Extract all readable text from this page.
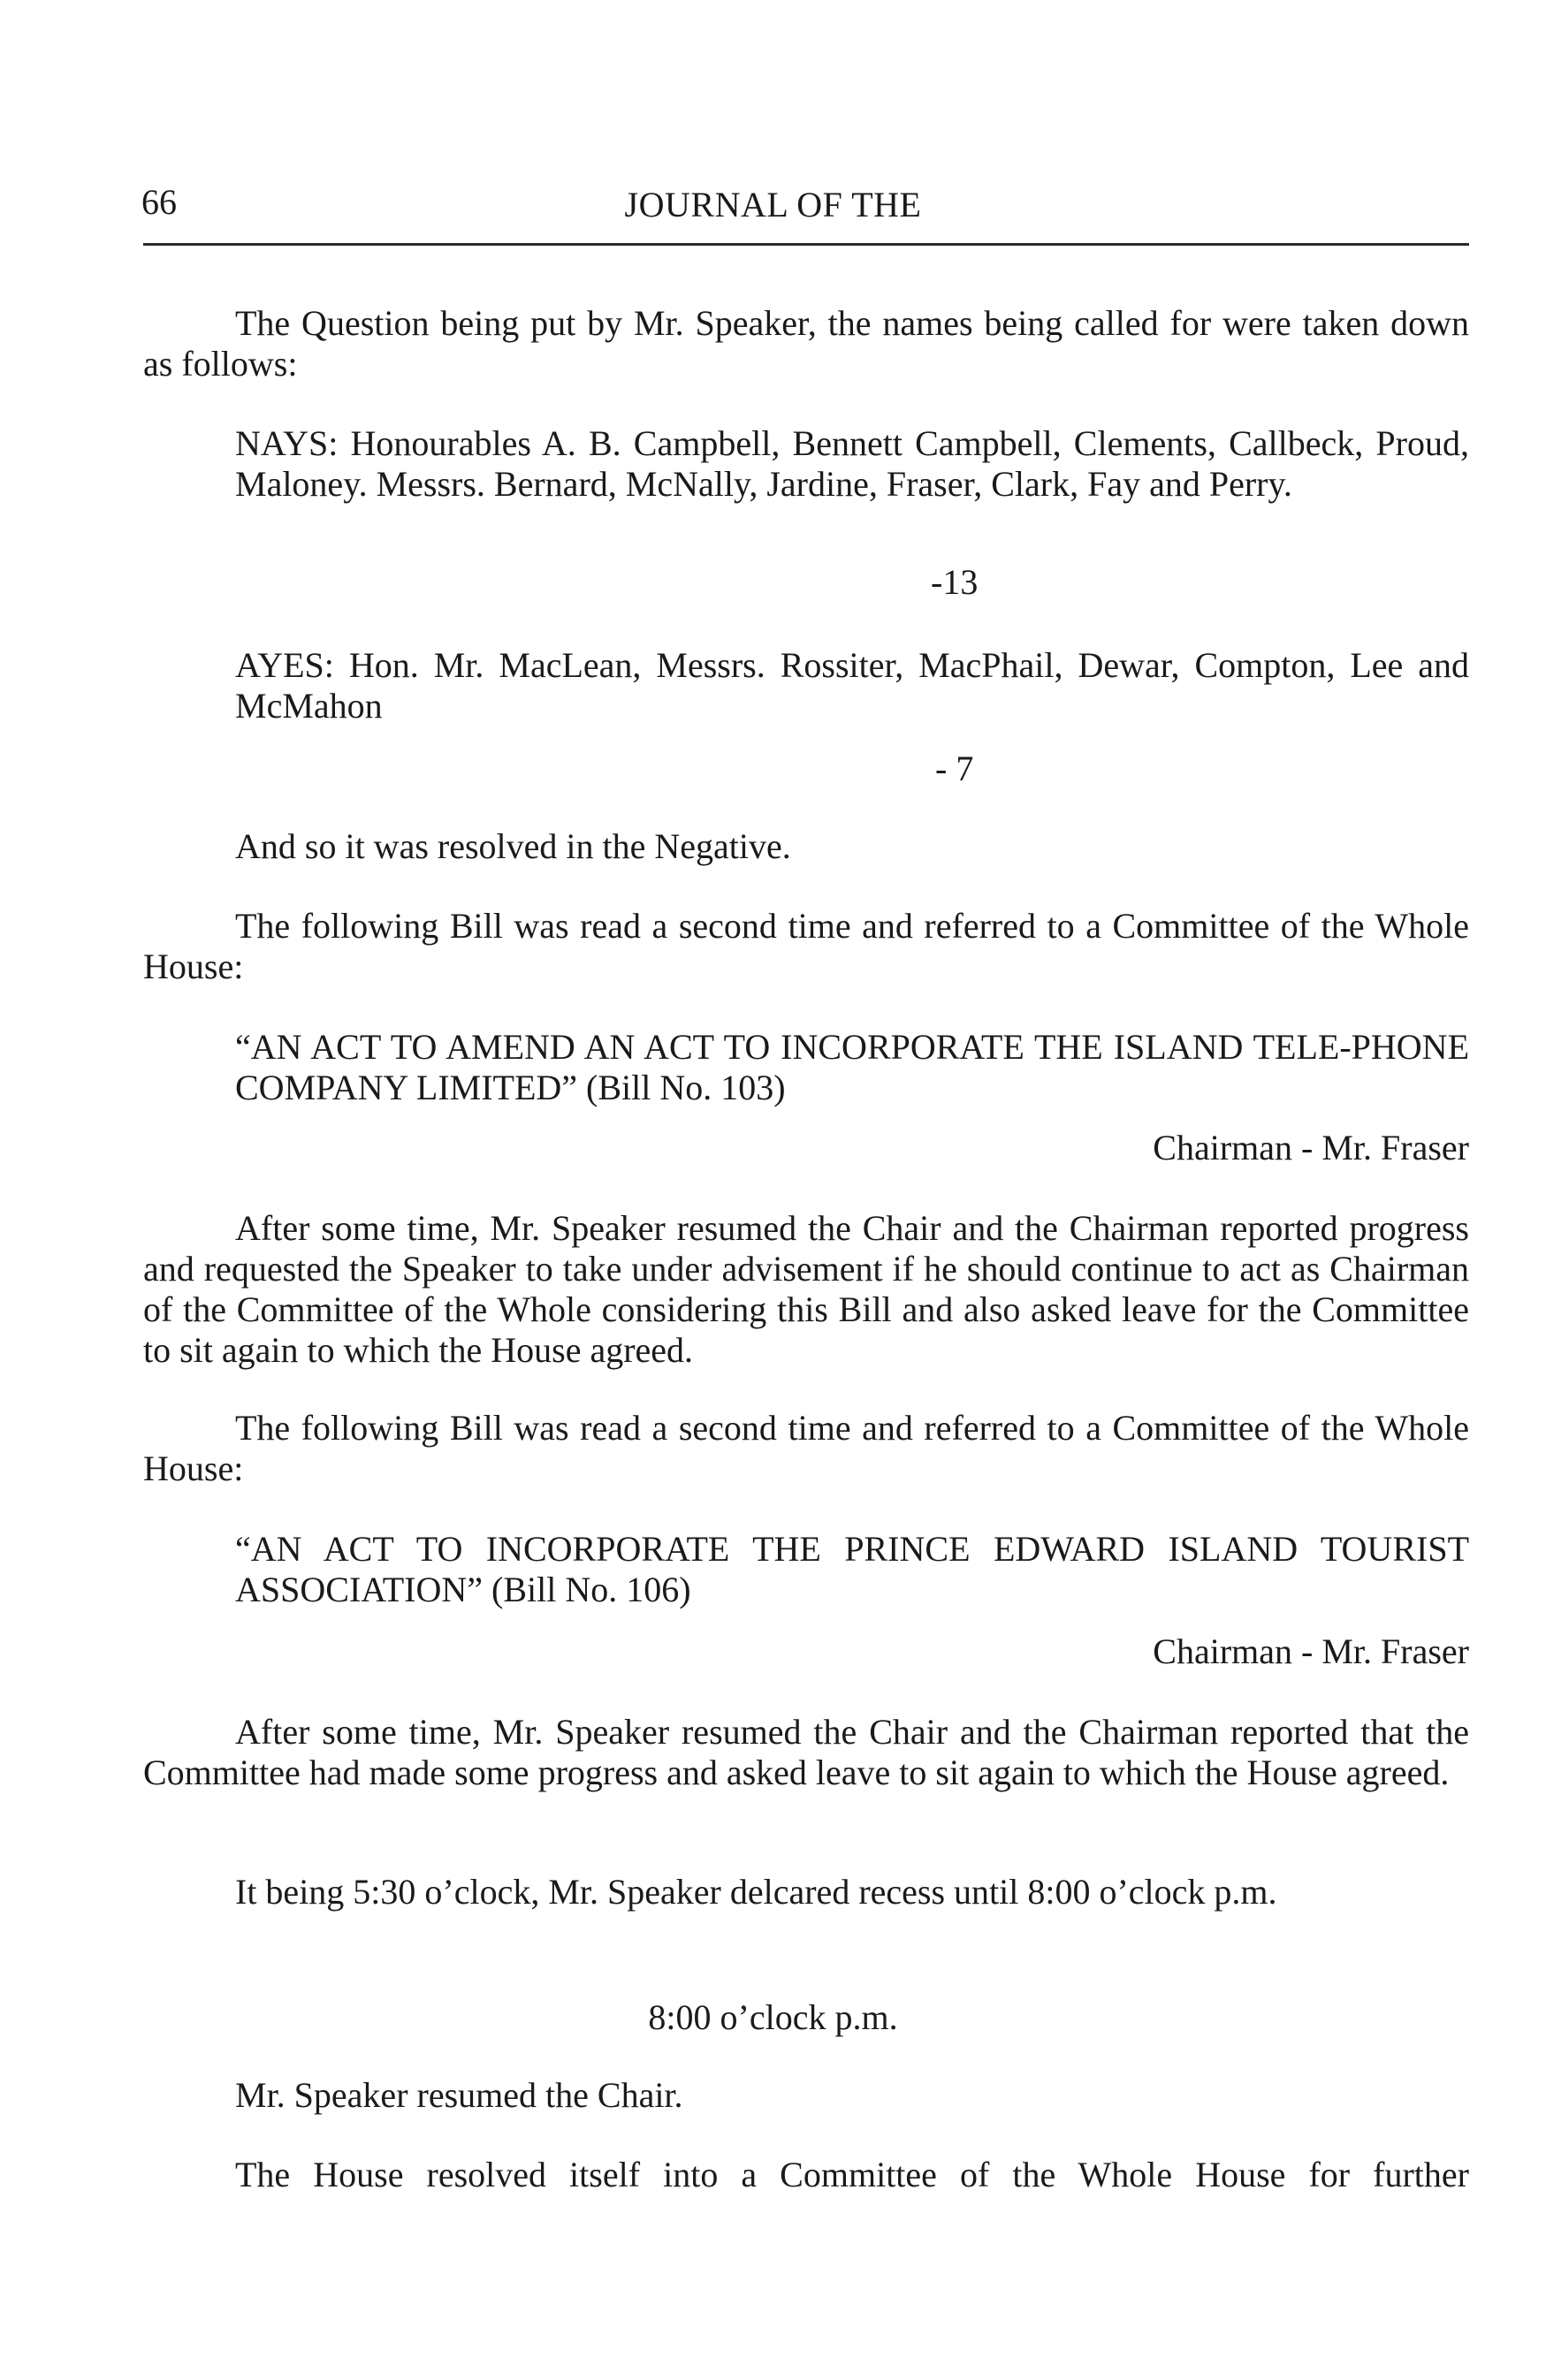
66	JOURNAL OF THE

The Question being put by Mr. Speaker, the names being called for were taken down as follows:

NAYS: Honourables A. B. Campbell, Bennett Campbell, Clements, Callbeck, Proud, Maloney. Messrs. Bernard, McNally, Jardine, Fraser, Clark, Fay and Perry.

-13

AYES: Hon. Mr. MacLean, Messrs. Rossiter, MacPhail, Dewar, Compton, Lee and McMahon

- 7

And so it was resolved in the Negative.

The following Bill was read a second time and referred to a Committee of the Whole House:

“AN ACT TO AMEND AN ACT TO INCORPORATE THE ISLAND TELE-PHONE COMPANY LIMITED” (Bill No. 103)

Chairman - Mr. Fraser

After some time, Mr. Speaker resumed the Chair and the Chairman reported progress and requested the Speaker to take under advisement if he should continue to act as Chairman of the Committee of the Whole considering this Bill and also asked leave for the Committee to sit again to which the House agreed.

The following Bill was read a second time and referred to a Committee of the Whole House:

“AN ACT TO INCORPORATE THE PRINCE EDWARD ISLAND TOURIST ASSOCIATION” (Bill No. 106)

Chairman - Mr. Fraser

After some time, Mr. Speaker resumed the Chair and the Chairman reported that the Committee had made some progress and asked leave to sit again to which the House agreed.

It being 5:30 o’clock, Mr. Speaker delcared recess until 8:00 o’clock p.m.

8:00 o’clock p.m.

Mr. Speaker resumed the Chair.

The House resolved itself into a Committee of the Whole House for further
